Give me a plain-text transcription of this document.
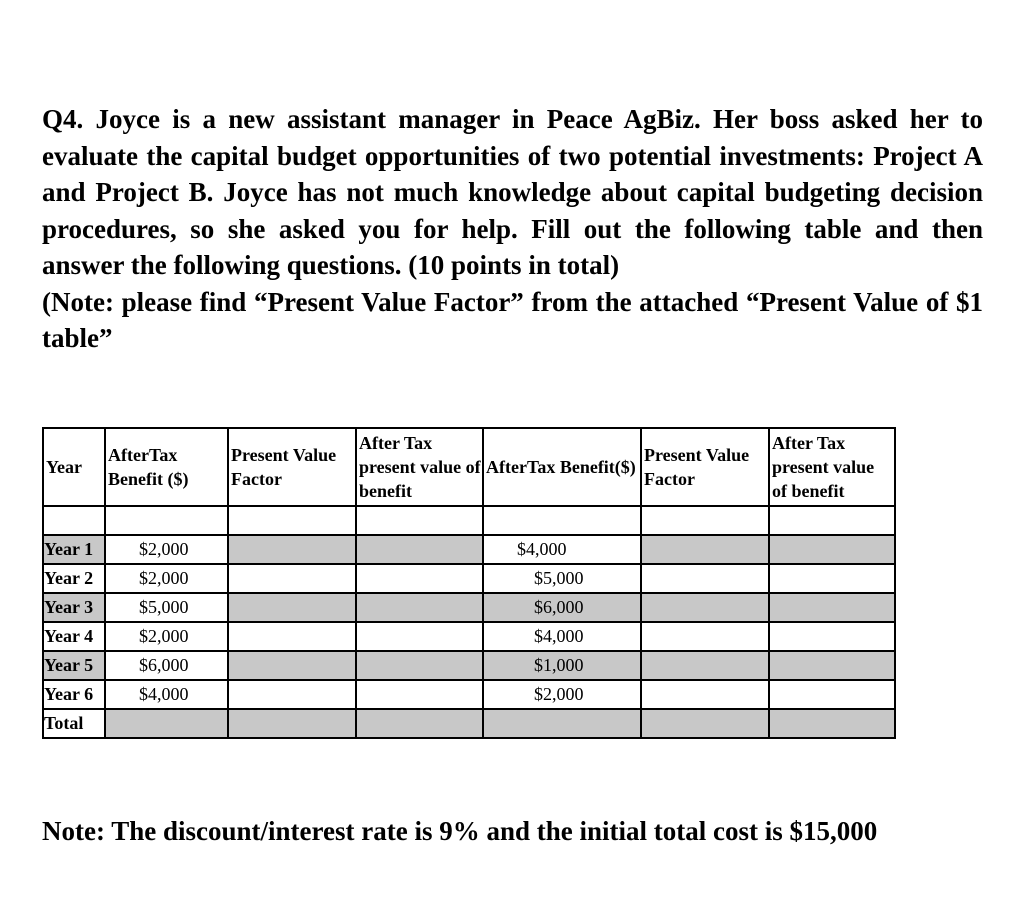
Q4. Joyce is a new assistant manager in Peace AgBiz. Her boss asked her to evaluate the capital budget opportunities of two potential investments: Project A and Project B. Joyce has not much knowledge about capital budgeting decision procedures, so she asked you for help. Fill out the following table and then answer the following questions. (10 points in total)

(Note: please find “Present Value Factor” from the attached “Present Value of $1 table”

Year	AfterTax Benefit ($)	Present Value Factor	After Tax present value of benefit	AfterTax Benefit($)	Present Value Factor	After Tax present value of benefit

Year 1	$2,000			$4,000		
Year 2	$2,000			$5,000		
Year 3	$5,000			$6,000		
Year 4	$2,000			$4,000		
Year 5	$6,000			$1,000		
Year 6	$4,000			$2,000		
Total						

Note: The discount/interest rate is 9% and the initial total cost is $15,000
